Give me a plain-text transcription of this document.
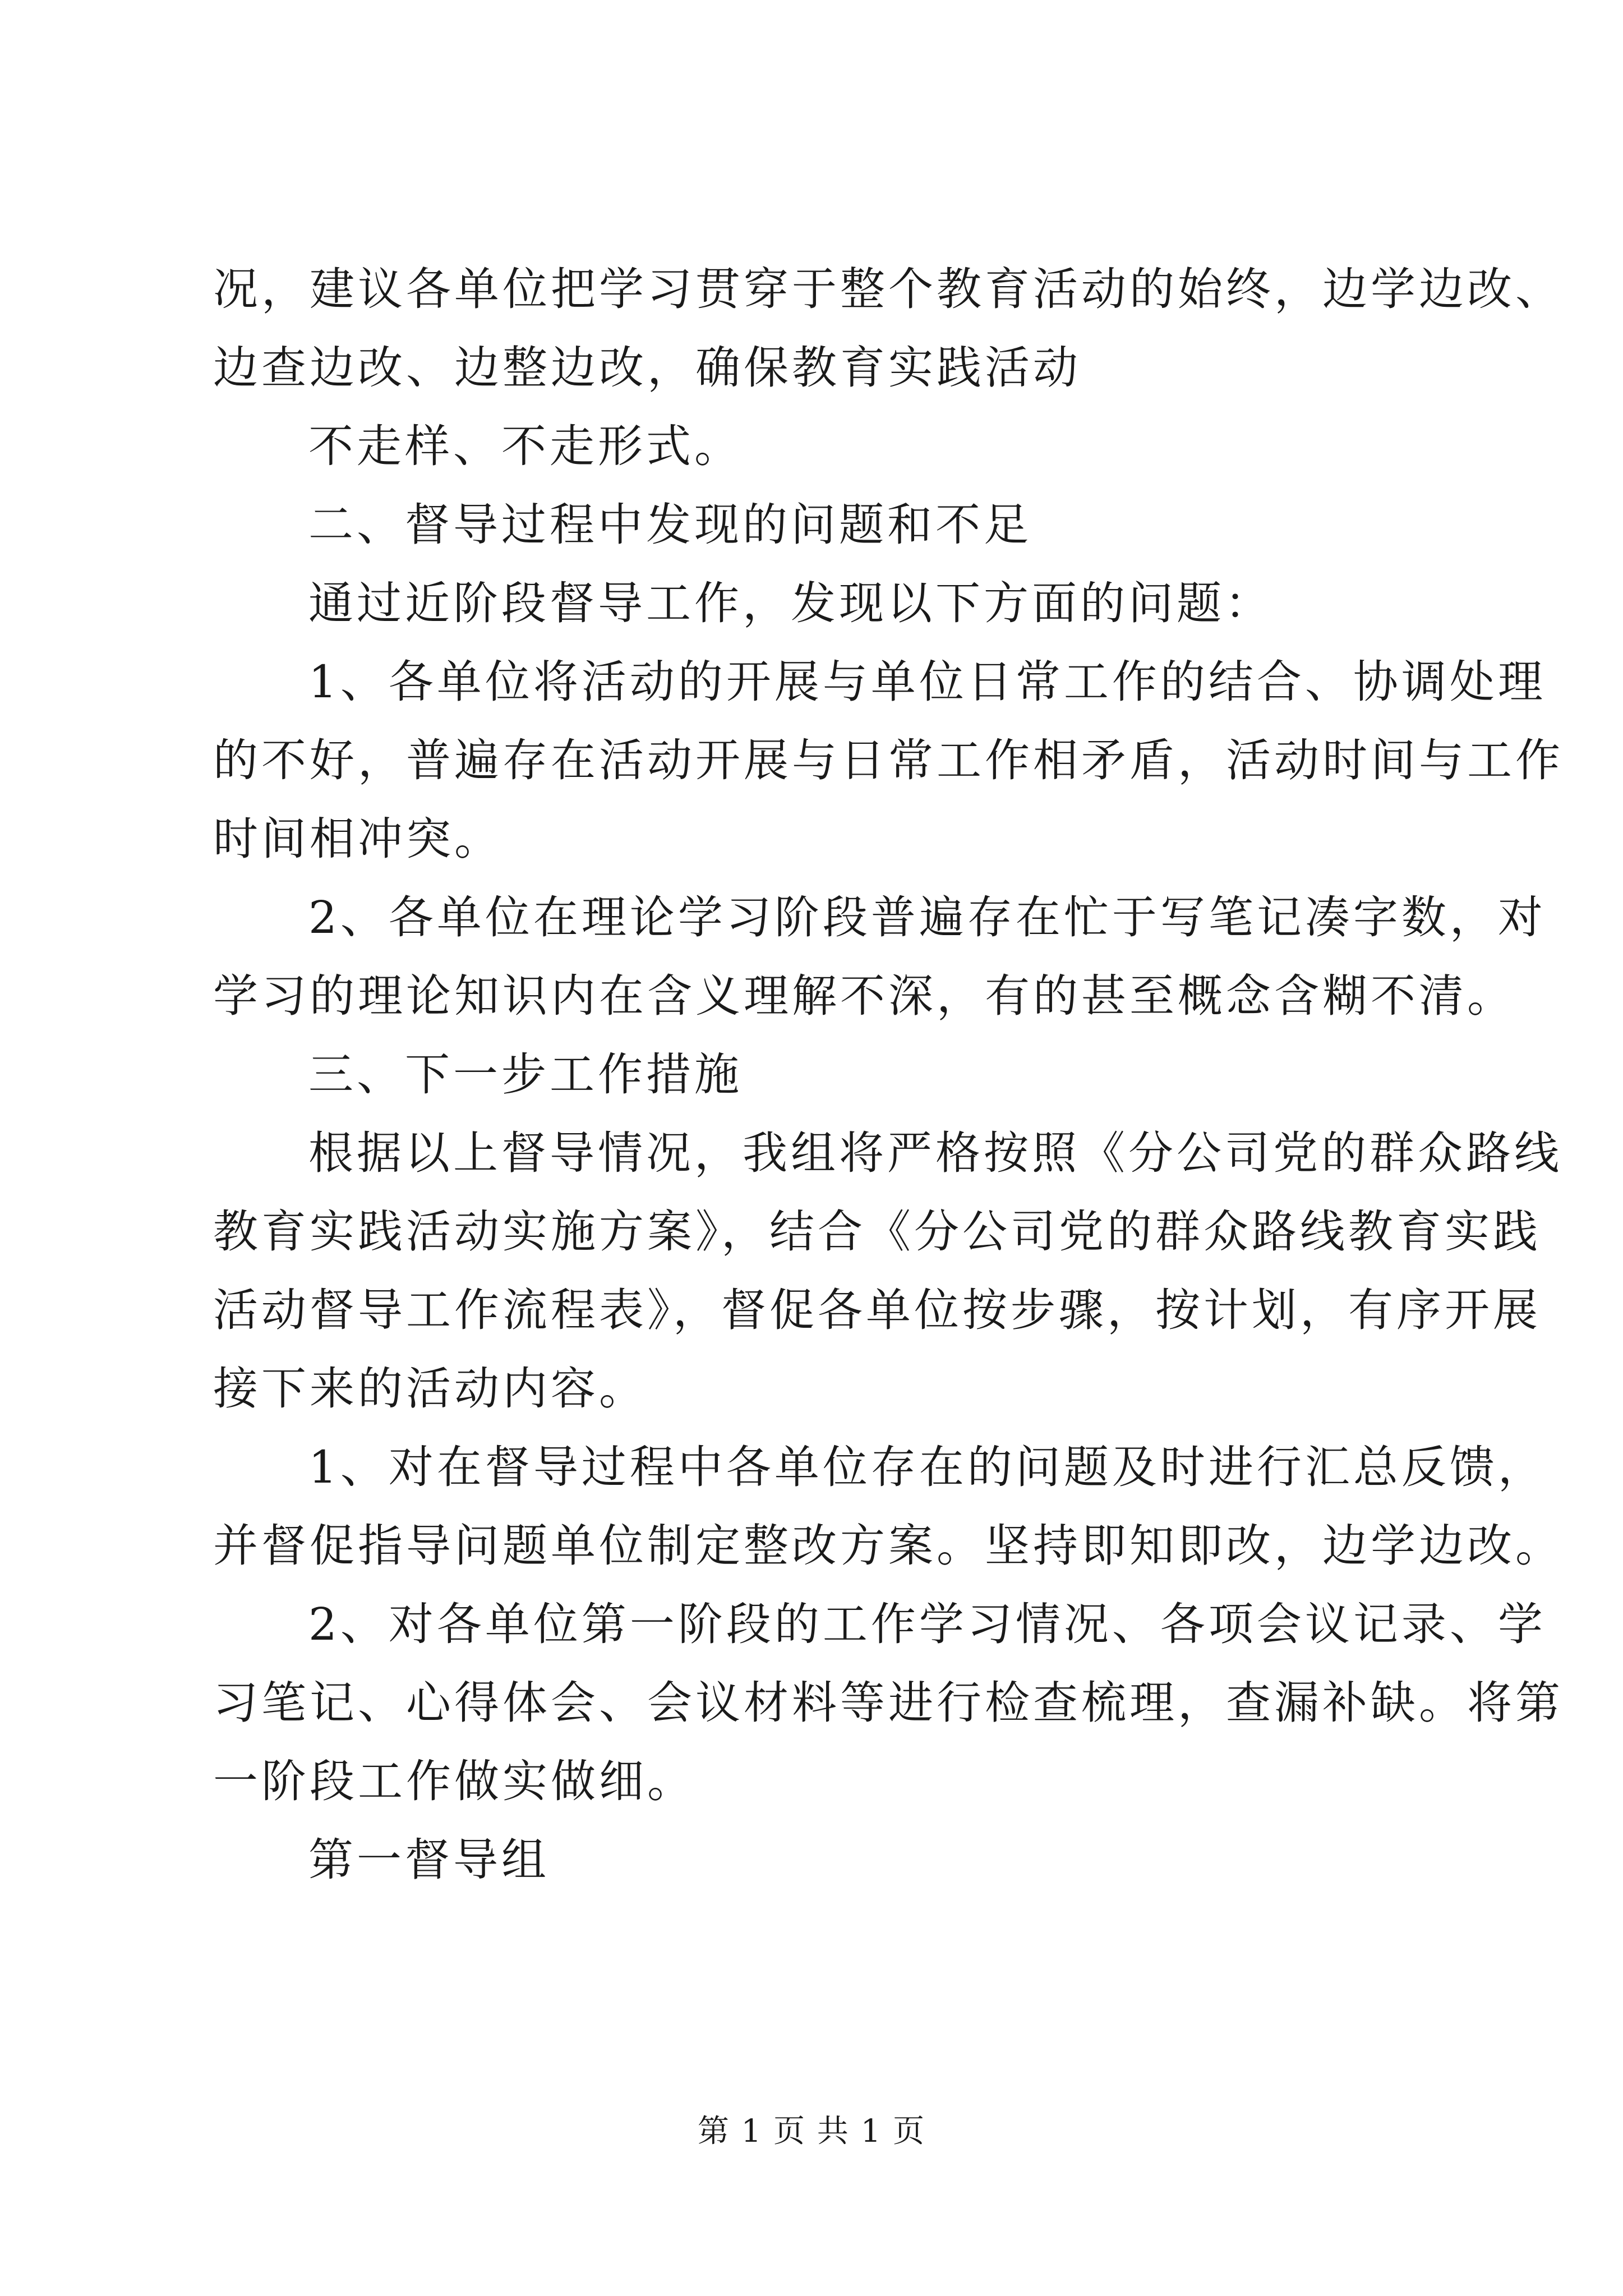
况，建议各单位把学习贯穿于整个教育活动的始终，边学边改、
边查边改、边整边改，确保教育实践活动
不走样、不走形式。
二、督导过程中发现的问题和不足
通过近阶段督导工作，发现以下方面的问题：
1、各单位将活动的开展与单位日常工作的结合、协调处理
的不好，普遍存在活动开展与日常工作相矛盾，活动时间与工作
时间相冲突。
2、各单位在理论学习阶段普遍存在忙于写笔记凑字数，对
学习的理论知识内在含义理解不深，有的甚至概念含糊不清。
三、下一步工作措施
根据以上督导情况，我组将严格按照《分公司党的群众路线
教育实践活动实施方案》，结合《分公司党的群众路线教育实践
活动督导工作流程表》，督促各单位按步骤，按计划，有序开展
接下来的活动内容。
1、对在督导过程中各单位存在的问题及时进行汇总反馈，
并督促指导问题单位制定整改方案。坚持即知即改，边学边改。
2、对各单位第一阶段的工作学习情况、各项会议记录、学
习笔记、心得体会、会议材料等进行检查梳理，查漏补缺。将第
一阶段工作做实做细。
第一督导组
第 1 页 共 1 页
